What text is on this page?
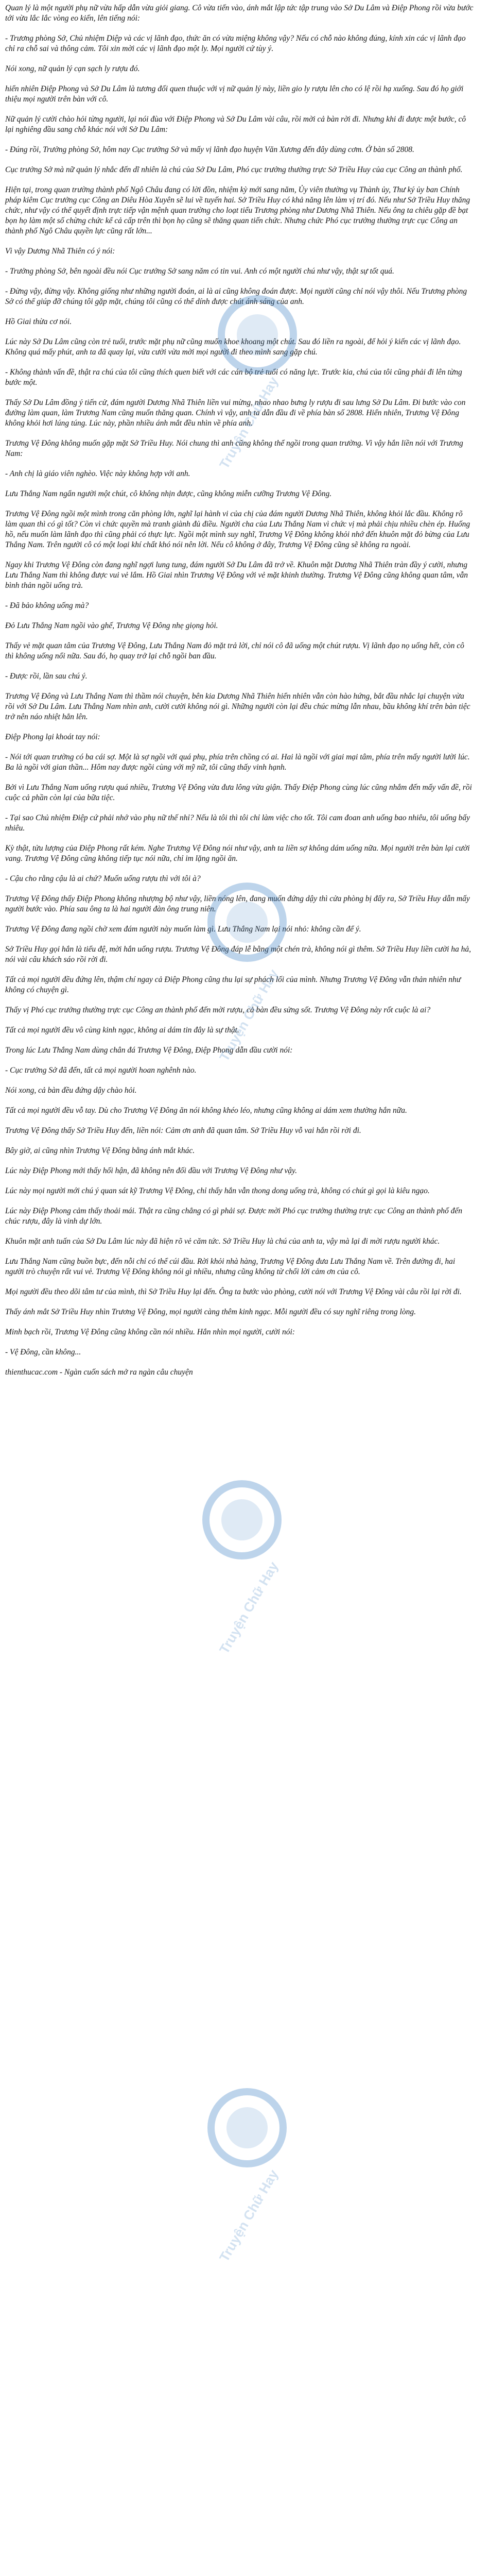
Quan lý là một người phụ nữ vừa hấp dẫn vừa giỏi giang. Cô vừa tiến vào, ánh mắt lập tức tập trung vào Sở Du Lâm và Điệp Phong rồi vừa bước tới vừa lắc lắc vòng eo kiến, lên tiếng nói:

- Trương phòng Sở, Chủ nhiệm Diệp và các vị lãnh đạo, thức ăn có vừa miệng không vậy? Nếu có chỗ nào không đúng, kính xin các vị lãnh đạo chỉ ra chỗ sai và thông cảm. Tôi xin mời các vị lãnh đạo một ly. Mọi người cứ tùy ý.

Nói xong, nữ quản lý cạn sạch ly rượu đó.

hiển nhiên Điệp Phong và Sở Du Lâm là tương đối quen thuộc với vị nữ quản lý này, liền gio ly rượu lên cho có lệ rồi hạ xuống. Sau đó họ giới thiệu mọi người trên bàn với cô.

Nữ quản lý cười chào hỏi từng người, lại nói đùa với Điệp Phong và Sở Du Lâm vài câu, rồi mời cả bàn rời đi. Nhưng khi đi được một bước, cô lại nghiêng đầu sang chỗ khác nói với Sở Du Lâm:

- Đúng rồi, Trưởng phòng Sở, hôm nay Cục trưởng Sở và mấy vị lãnh đạo huyện Văn Xương đến đây dùng cơm. Ở bàn số 2808.

Cục trưởng Sở mà nữ quản lý nhắc đến dĩ nhiên là chú của Sở Du Lâm, Phó cục trưởng thường trực Sở Triều Huy của cục Công an thành phố.

Hiện tại, trong quan trường thành phố Ngô Châu đang có lời đồn, nhiệm kỳ mới sang năm, Ủy viên thường vụ Thành ủy, Thư ký ủy ban Chính pháp kiêm Cục trưởng cục Công an Diêu Hòa Xuyên sẽ lui về tuyến hai. Sở Triều Huy có khả năng lên làm vị trí đó. Nếu như Sở Triều Huy thăng chức, như vậy có thể quyết định trực tiếp vận mệnh quan trường cho loạt tiểu Trương phòng như Dương Nhã Thiên. Nếu ông ta chiêu gặp đề bạt bọn họ làm một số chừng chức kể cả cấp trên thì bọn họ cũng sẽ thăng quan tiến chức. Nhưng chức Phó cục trưởng thường trực cục Công an thành phố Ngô Châu quyền lực cũng rất lớn...

Vì vậy Dương Nhã Thiên có ý nói:

- Trưởng phòng Sở, bên ngoài đều nói Cục trưởng Sở sang năm có tin vui. Anh có một người chú như vậy, thật sự tốt quá.

- Đừng vậy, đừng vậy. Không giống như những người đoán, ai là ai cũng không đoán được. Mọi người cũng chỉ nói vậy thôi. Nếu Trương phòng Sở có thể giúp đỡ chúng tôi gặp mặt, chúng tôi cũng có thể dính được chút ánh sáng của anh.

Hồ Giai thừa cơ nói.

Lúc này Sở Du Lâm cũng còn trẻ tuổi, trước mặt phụ nữ cũng muốn khoe khoang một chút. Sau đó liền ra ngoài, để hỏi ý kiến các vị lãnh đạo. Không quá mấy phút, anh ta đã quay lại, vừa cười vừa mời mọi người đi theo mình sang gặp chú.

- Không thành vấn đề, thật ra chú của tôi cũng thích quen biết với các cán bộ trẻ tuổi có năng lực. Trước kia, chú của tôi cũng phải đi lên từng bước một.

Thấy Sở Du Lâm đồng ý tiến cử, đám người Dương Nhã Thiên liền vui mừng, nhao nhao bưng ly rượu đi sau lưng Sở Du Lâm. Đi bước vào con đường làm quan, làm Trương Nam cũng muốn thăng quan. Chính vì vậy, anh ta dẫn đầu đi về phía bàn số 2808. Hiển nhiên, Trương Vệ Đông không khỏi hơi lúng túng. Lúc này, phần nhiều ánh mắt đều nhìn về phía anh.

Trương Vệ Đông không muốn gặp mặt Sở Triều Huy. Nói chung thì anh cũng không thể ngồi trong quan trường. Vì vậy hắn liền nói với Trương Nam:

- Anh chị là giáo viên nghèo. Việc này không hợp với anh.

Lưu Thắng Nam ngẩn người một chút, cô không nhịn được, cũng không miễn cưỡng Trương Vệ Đông.

Trương Vệ Đông ngồi một mình trong căn phòng lớn, nghĩ lại hành vi của chị của đám người Dương Nhã Thiên, không khỏi lắc đầu. Không rõ làm quan thì có gì tốt? Còn vì chức quyền mà tranh giành đủ điều. Người cha của Lưu Thắng Nam vì chức vị mà phải chịu nhiều chèn ép. Huống hồ, nếu muốn làm lãnh đạo thì cũng phải có thực lực. Ngồi một mình suy nghĩ, Trương Vệ Đông không khỏi nhớ đến khuôn mặt đỏ bừng của Lưu Thắng Nam. Trên người cô có một loại khí chất khó nói nên lời. Nếu cô không ở đây, Trương Vệ Đông cũng sẽ không ra ngoài.

Ngay khi Trương Vệ Đông còn đang nghĩ ngợi lung tung, đám người Sở Du Lâm đã trở về. Khuôn mặt Dương Nhã Thiên tràn đầy ý cười, nhưng Lưu Thắng Nam thì không được vui vẻ lắm. Hồ Giai nhìn Trương Vệ Đông với vẻ mặt khinh thường. Trương Vệ Đông cũng không quan tâm, vẫn bình thản ngồi uống trà.

- Đã bảo không uống mà?

Đỏ Lưu Thắng Nam ngồi vào ghế, Trương Vệ Đông nhẹ giọng hỏi.

Thấy vẻ mặt quan tâm của Trương Vệ Đông, Lưu Thắng Nam đỏ mặt trả lời, chỉ nói cô đã uống một chút rượu. Vị lãnh đạo nọ uống hết, còn cô thì không uống nổi nữa. Sau đó, họ quay trở lại chỗ ngồi ban đầu.

- Được rồi, lần sau chú ý.

Trương Vệ Đông và Lưu Thắng Nam thì thầm nói chuyện, bên kia Dương Nhã Thiên hiển nhiên vẫn còn hào hứng, bắt đầu nhắc lại chuyện vừa rồi với Sở Du Lâm. Lưu Thắng Nam nhìn anh, cười cười không nói gì. Những người còn lại đều chúc mừng lẫn nhau, bầu không khí trên bàn tiệc trở nên náo nhiệt hẳn lên.

Điệp Phong lại khoát tay nói:

- Nói tới quan trường có ba cái sợ. Một là sợ ngồi với quá phụ, phía trên chồng có ai. Hai là ngồi với giai mại tâm, phía trên mấy người lười lúc. Ba là ngồi với gian thần... Hôm nay được ngồi cùng với mỹ nữ, tôi cũng thấy vinh hạnh.

Bởi vì Lưu Thắng Nam uống rượu quá nhiều, Trương Vệ Đông vừa đưa lông vừa giận. Thấy Điệp Phong cùng lúc cũng nhắm đến mấy vấn đề, rồi cuộc cả phần còn lại của bữa tiệc.

- Tại sao Chủ nhiệm Điệp cứ phải nhớ vào phụ nữ thế nhỉ? Nếu là tôi thì tôi chỉ làm việc cho tốt. Tôi cam đoan anh uống bao nhiêu, tôi uống bấy nhiêu.

Kỳ thật, tửu lượng của Điệp Phong rất kém. Nghe Trương Vệ Đông nói như vậy, anh ta liền sợ không dám uống nữa. Mọi người trên bàn lại cười vang. Trương Vệ Đông cũng không tiếp tục nói nữa, chỉ im lặng ngồi ăn.

- Cậu cho rằng cậu là ai chứ? Muốn uống rượu thì với tôi à?

Trương Vệ Đông thấy Điệp Phong không nhượng bộ như vậy, liền nóng lên, đang muốn đứng dậy thì cửa phòng bị đẩy ra, Sở Triều Huy dẫn mấy người bước vào. Phía sau ông ta là hai người đàn ông trung niên.

Trương Vệ Đông đang ngồi chờ xem đám người này muốn làm gì. Lưu Thắng Nam lại nói nhỏ: không cần để ý.

Sở Triều Huy gọi hắn là tiểu đệ, mời hắn uống rượu. Trương Vệ Đông đáp lễ bằng một chén trà, không nói gì thêm. Sở Triều Huy liền cười ha hả, nói vài câu khách sáo rồi rời đi.

Tất cả mọi người đều đứng lên, thậm chí ngay cả Điệp Phong cũng thu lại sự phách lối của mình. Nhưng Trương Vệ Đông vẫn thản nhiên như không có chuyện gì.

Thấy vị Phó cục trưởng thường trực cục Công an thành phố đến mời rượu, cả bàn đều sửng sốt. Trương Vệ Đông này rốt cuộc là ai?

Tất cả mọi người đều vô cùng kinh ngạc, không ai dám tin đây là sự thật.

Trong lúc Lưu Thắng Nam dùng chân đá Trương Vệ Đông, Điệp Phong dẫn đầu cười nói:

- Cục trưởng Sở đã đến, tất cả mọi người hoan nghênh nào.

Nói xong, cả bàn đều đứng dậy chào hỏi.

Tất cả mọi người đều vỗ tay. Dù cho Trương Vệ Đông ăn nói không khéo léo, nhưng cũng không ai dám xem thường hắn nữa.

Trương Vệ Đông thấy Sở Triều Huy đến, liền nói: Cảm ơn anh đã quan tâm. Sở Triều Huy vỗ vai hắn rồi rời đi.

Bây giờ, ai cũng nhìn Trương Vệ Đông bằng ánh mắt khác.

Lúc này Điệp Phong mới thấy hối hận, đã không nên đối đầu với Trương Vệ Đông như vậy.

Lúc này mọi người mới chú ý quan sát kỹ Trương Vệ Đông, chỉ thấy hắn vẫn thong dong uống trà, không có chút gì gọi là kiêu ngạo.

Lúc này Điệp Phong cảm thấy thoải mái. Thật ra cũng chẳng có gì phải sợ. Được mời Phó cục trưởng thường trực cục Công an thành phố đến chúc rượu, đây là vinh dự lớn.

Khuôn mặt anh tuấn của Sở Du Lâm lúc này đã hiện rõ vẻ căm tức. Sở Triều Huy là chú của anh ta, vậy mà lại đi mời rượu người khác.

Lưu Thắng Nam cũng buồn bực, đến nỗi chỉ có thể cúi đầu. Rời khỏi nhà hàng, Trương Vệ Đông đưa Lưu Thắng Nam về. Trên đường đi, hai người trò chuyện rất vui vẻ. Trương Vệ Đông không nói gì nhiều, nhưng cũng không từ chối lời cảm ơn của cô.

Mọi người đều theo dõi tâm tư của mình, thì Sở Triều Huy lại đến. Ông ta bước vào phòng, cười nói với Trương Vệ Đông vài câu rồi lại rời đi.

Thấy ánh mắt Sở Triều Huy nhìn Trương Vệ Đông, mọi người càng thêm kinh ngạc. Mỗi người đều có suy nghĩ riêng trong lòng.

Minh bạch rồi, Trương Vệ Đông cũng không cần nói nhiều. Hắn nhìn mọi người, cười nói:

- Vệ Đông, cần không...

thienthucac.com - Ngàn cuốn sách mở ra ngàn câu chuyện

Truyện Chữ Hay
Truyện Chữ Hay
Truyện Chữ Hay
Truyện Chữ Hay
